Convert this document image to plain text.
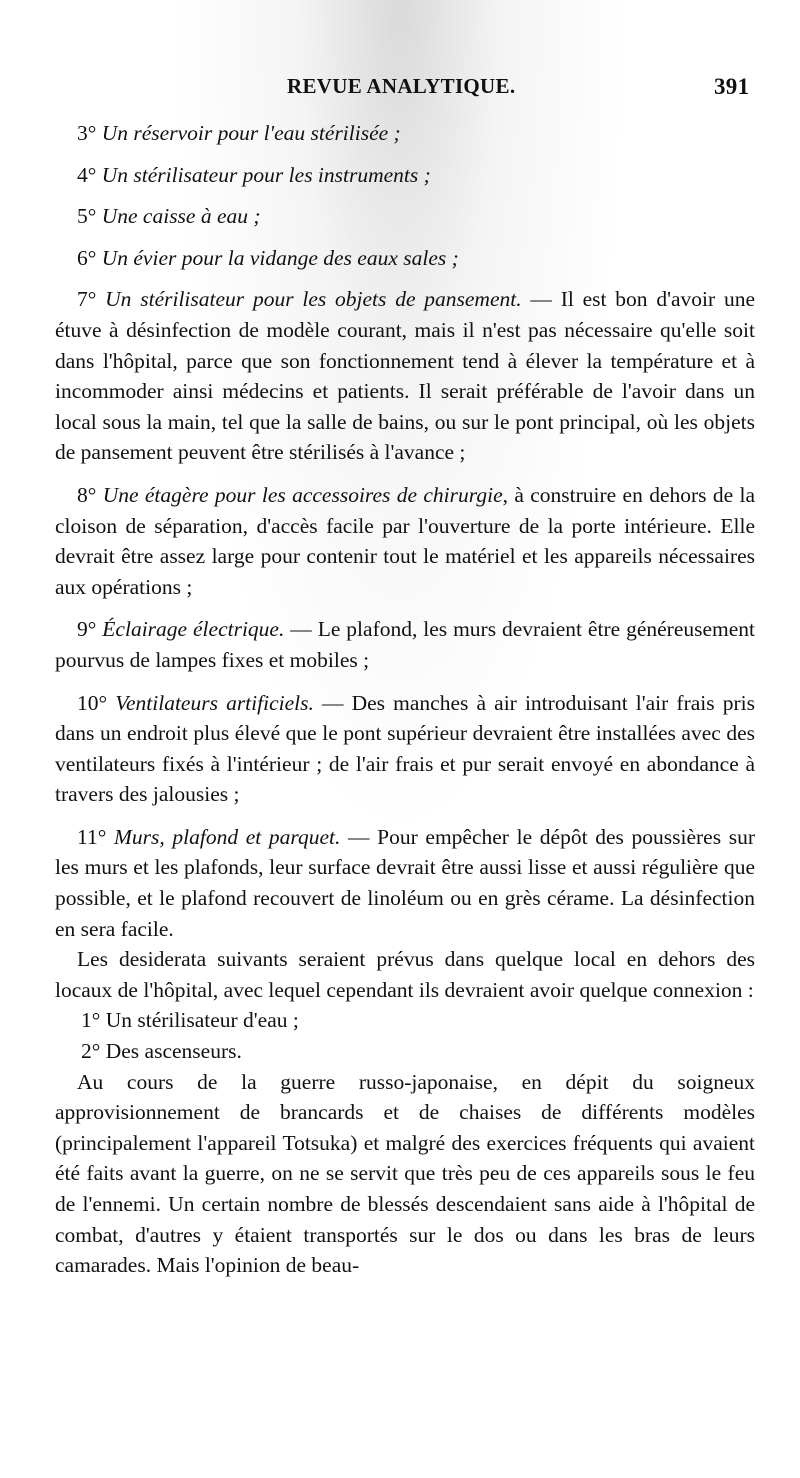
REVUE ANALYTIQUE.	391

3° Un réservoir pour l'eau stérilisée ;

4° Un stérilisateur pour les instruments ;

5° Une caisse à eau ;

6° Un évier pour la vidange des eaux sales ;

7° Un stérilisateur pour les objets de pansement. — Il est bon d'avoir une étuve à désinfection de modèle courant, mais il n'est pas nécessaire qu'elle soit dans l'hôpital, parce que son fonctionnement tend à élever la température et à incommoder ainsi médecins et patients. Il serait préférable de l'avoir dans un local sous la main, tel que la salle de bains, ou sur le pont principal, où les objets de pansement peuvent être stérilisés à l'avance ;

8° Une étagère pour les accessoires de chirurgie, à construire en dehors de la cloison de séparation, d'accès facile par l'ouverture de la porte intérieure. Elle devrait être assez large pour contenir tout le matériel et les appareils nécessaires aux opérations ;

9° Éclairage électrique. — Le plafond, les murs devraient être généreusement pourvus de lampes fixes et mobiles ;

10° Ventilateurs artificiels. — Des manches à air introduisant l'air frais pris dans un endroit plus élevé que le pont supérieur devraient être installées avec des ventilateurs fixés à l'intérieur ; de l'air frais et pur serait envoyé en abondance à travers des jalousies ;

11° Murs, plafond et parquet. — Pour empêcher le dépôt des poussières sur les murs et les plafonds, leur surface devrait être aussi lisse et aussi régulière que possible, et le plafond recouvert de linoléum ou en grès cérame. La désinfection en sera facile.

Les desiderata suivants seraient prévus dans quelque local en dehors des locaux de l'hôpital, avec lequel cependant ils devraient avoir quelque connexion :

1° Un stérilisateur d'eau ;

2° Des ascenseurs.

Au cours de la guerre russo-japonaise, en dépit du soigneux approvisionnement de brancards et de chaises de différents modèles (principalement l'appareil Totsuka) et malgré des exercices fréquents qui avaient été faits avant la guerre, on ne se servit que très peu de ces appareils sous le feu de l'ennemi. Un certain nombre de blessés descendaient sans aide à l'hôpital de combat, d'autres y étaient transportés sur le dos ou dans les bras de leurs camarades. Mais l'opinion de beau-
